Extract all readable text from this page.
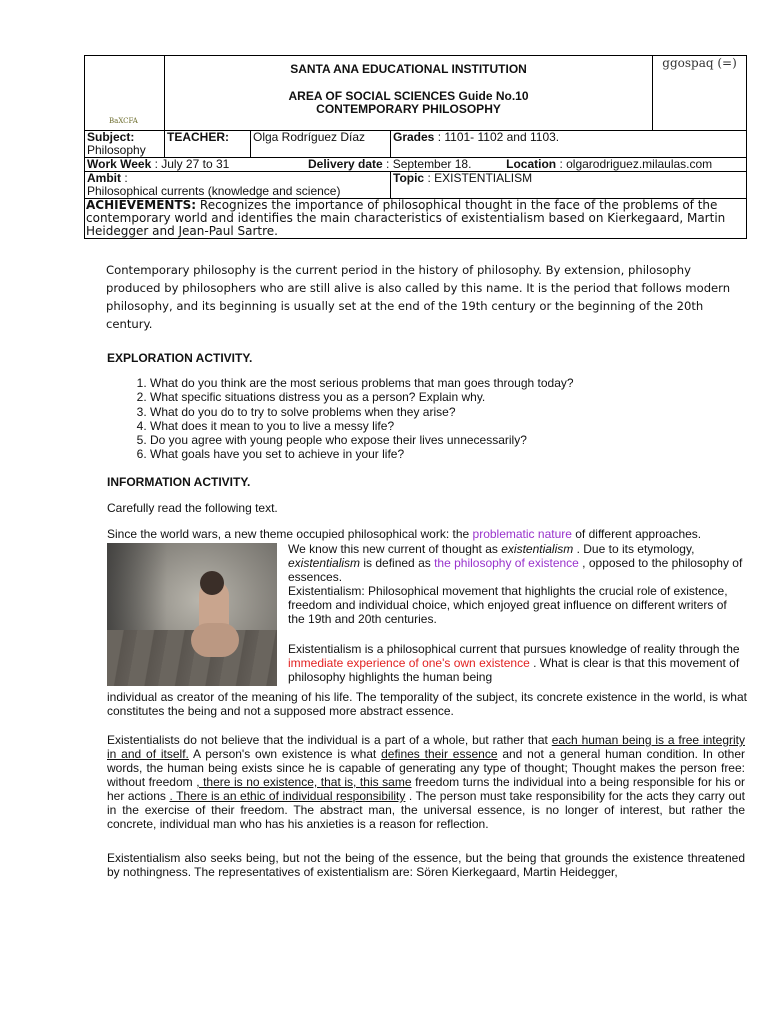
BaXCFA	SANTA ANA EDUCATIONAL INSTITUTION
AREA OF SOCIAL SCIENCES Guide No.10
CONTEMPORARY PHILOSOPHY			ggospaq (=)

Subject:
Philosophy	TEACHER:	Olga Rodríguez Díaz	Grades : 1101- 1102 and 1103.	
Work Week : July 27 to 31 Delivery date : September 18. Location : olgarodriguez.milaulas.com				
Ambit :
Philosophical currents (knowledge and science)			Topic : EXISTENTIALISM	
ACHIEVEMENTS: Recognizes the importance of philosophical thought in the face of the problems of the contemporary world and identifies the main characteristics of existentialism based on Kierkegaard, Martin Heidegger and Jean-Paul Sartre.				
Contemporary philosophy is the current period in the history of philosophy. By extension, philosophy produced by philosophers who are still alive is also called by this name. It is the period that follows modern philosophy, and its beginning is usually set at the end of the 19th century or the beginning of the 20th century.
EXPLORATION ACTIVITY.
1. What do you think are the most serious problems that man goes through today?
2. What specific situations distress you as a person? Explain why.
3. What do you do to try to solve problems when they arise?
4. What does it mean to you to live a messy life?
5. Do you agree with young people who expose their lives unnecessarily?
6. What goals have you set to achieve in your life?
INFORMATION ACTIVITY.
Carefully read the following text.
Since the world wars, a new theme occupied philosophical work: the problematic nature of different approaches.
We know this new current of thought as existentialism . Due to its etymology,
existentialism is defined as the philosophy of existence , opposed to the philosophy of essences.
Existentialism: Philosophical movement that highlights the crucial role of existence, freedom and individual choice, which enjoyed great influence on different writers of the 19th and 20th centuries.
Existentialism is a philosophical current that pursues knowledge of reality through the immediate experience of one's own existence . What is clear is that this movement of philosophy highlights the human being
individual as creator of the meaning of his life. The temporality of the subject, its concrete existence in the world, is what constitutes the being and not a supposed more abstract essence.
Existentialists do not believe that the individual is a part of a whole, but rather that each human being is a free integrity in and of itself. A person's own existence is what defines their essence and not a general human condition. In other words, the human being exists since he is capable of generating any type of thought; Thought makes the person free: without freedom , there is no existence, that is, this same freedom turns the individual into a being responsible for his or her actions . There is an ethic of individual responsibility . The person must take responsibility for the acts they carry out in the exercise of their freedom. The abstract man, the universal essence, is no longer of interest, but rather the concrete, individual man who has his anxieties is a reason for reflection.
Existentialism also seeks being, but not the being of the essence, but the being that grounds the existence threatened by nothingness. The representatives of existentialism are: Sören Kierkegaard, Martin Heidegger,
